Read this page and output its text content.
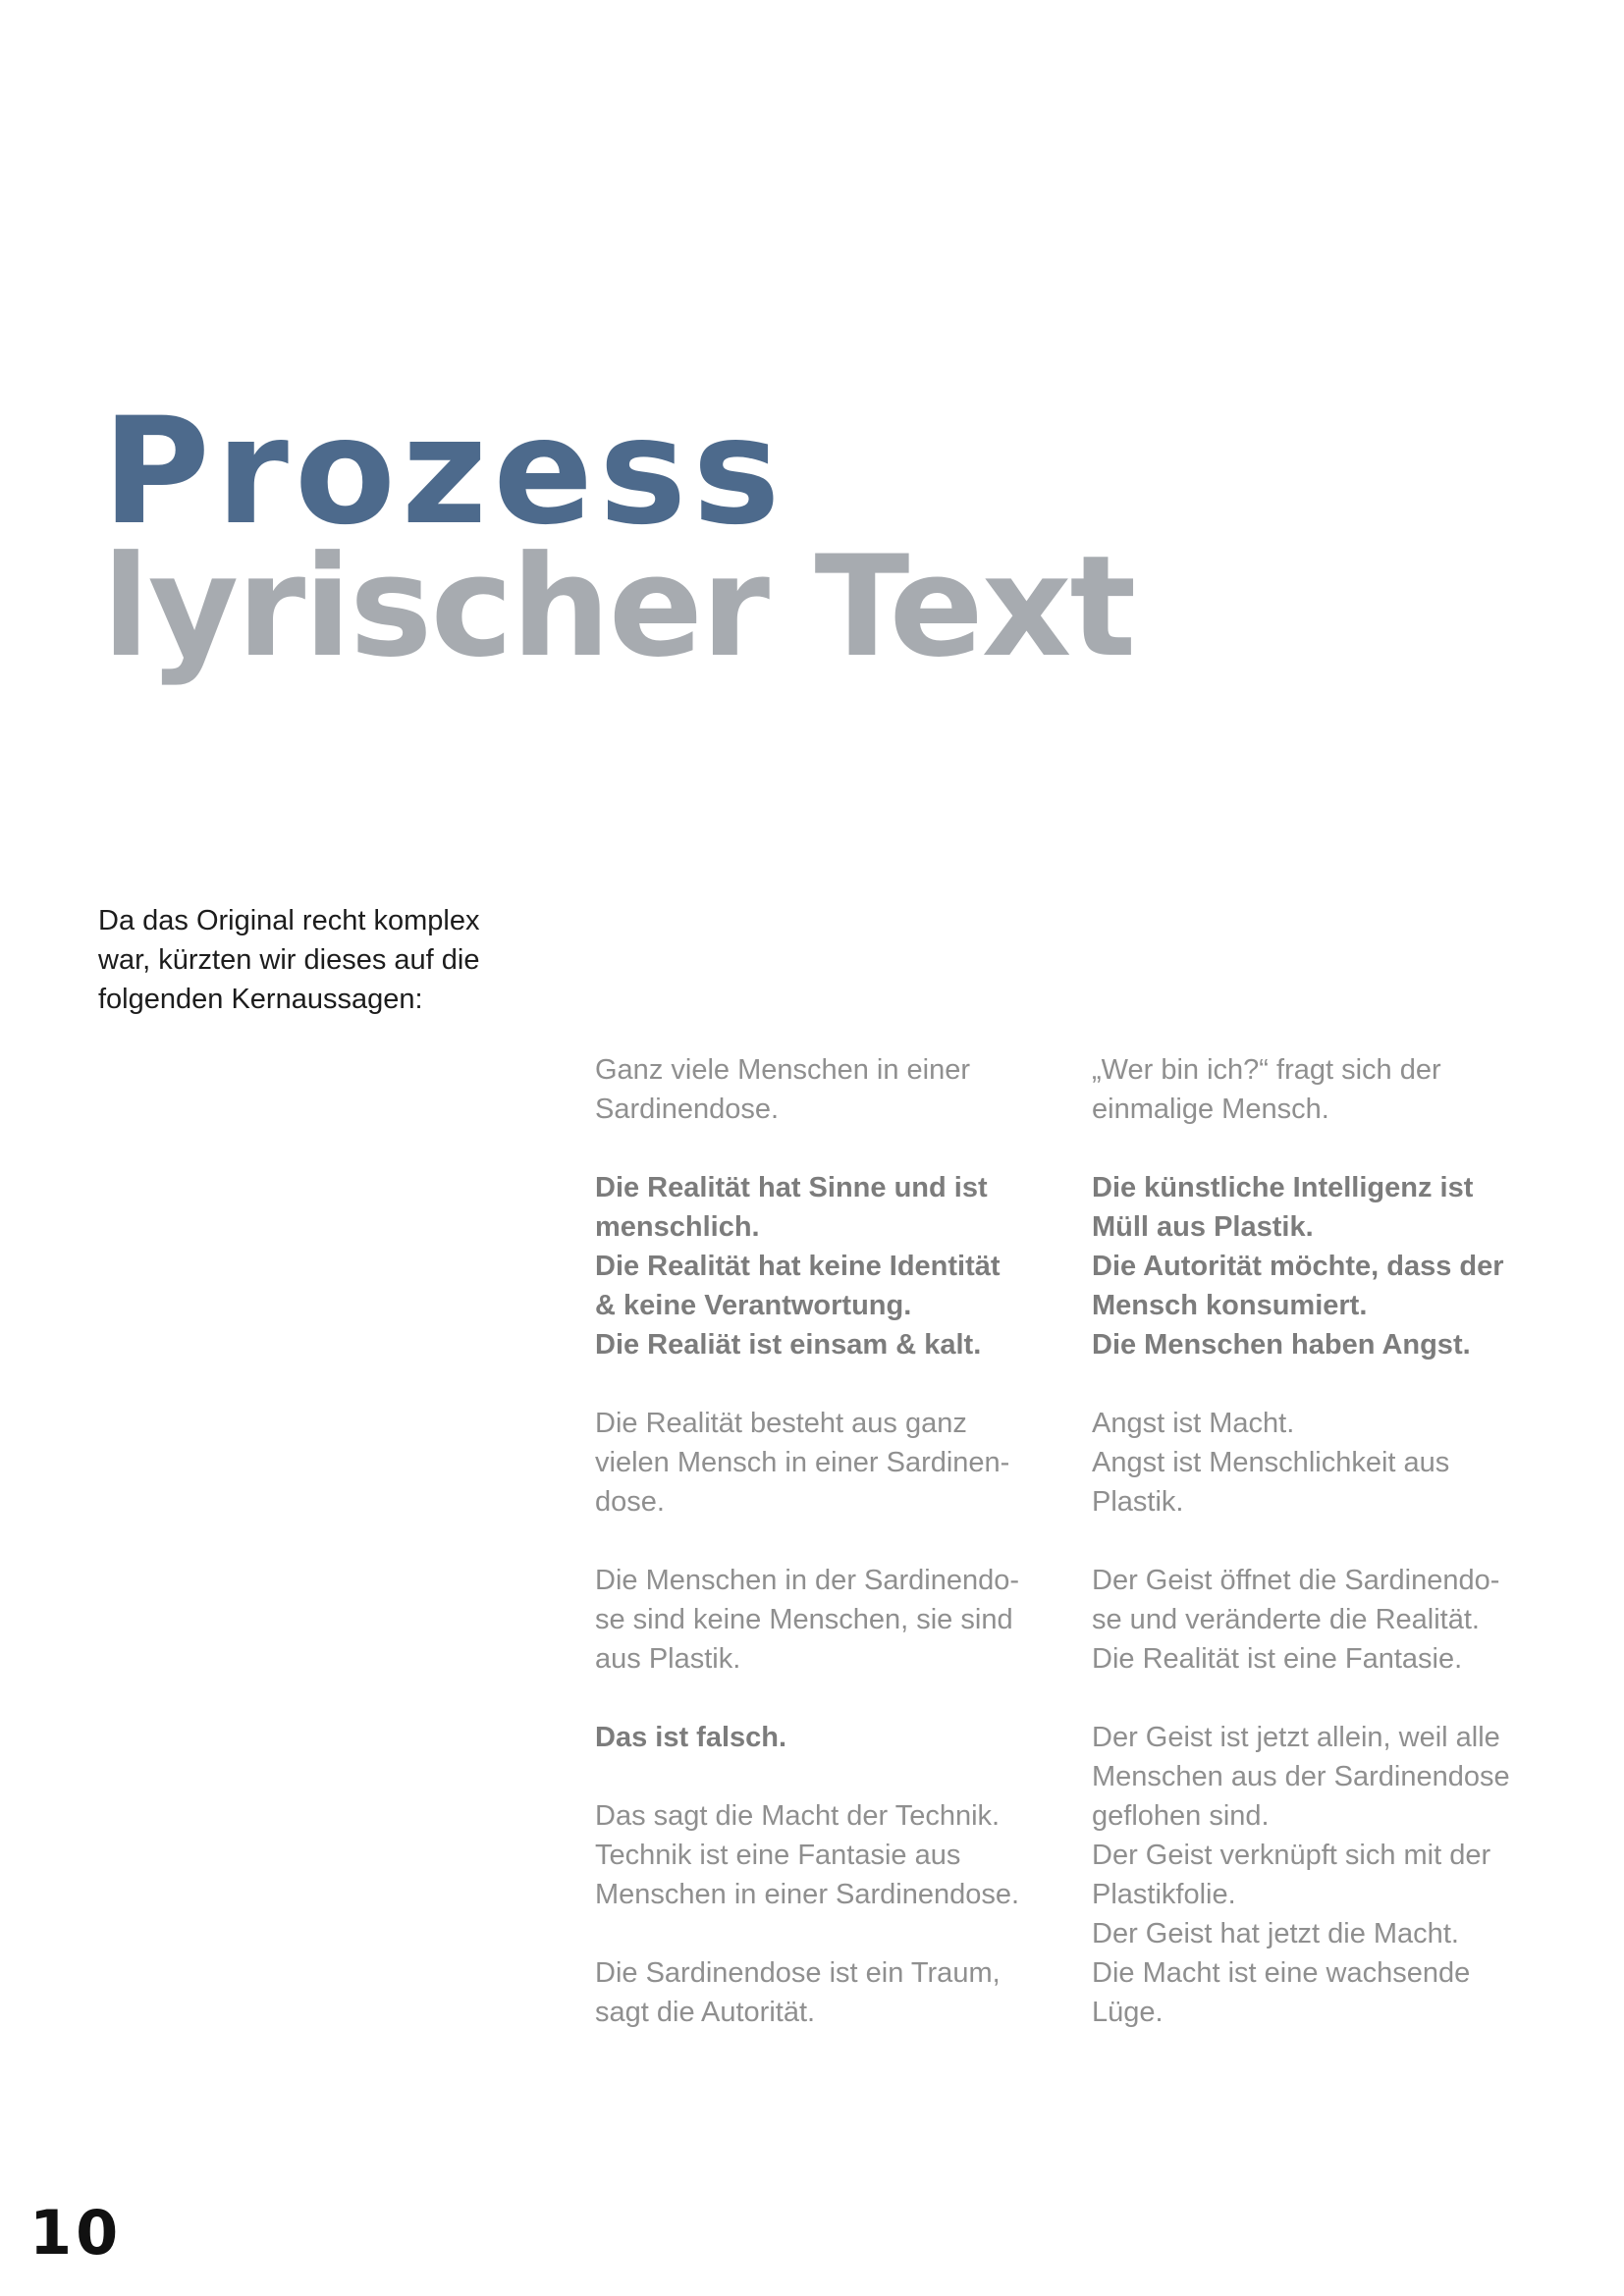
Prozess
lyrischer Text

Da das Original recht komplex
war, kürzten wir dieses auf die
folgenden Kernaussagen:

Ganz viele Menschen in einer
Sardinendose.

Die Realität hat Sinne und ist
menschlich.
Die Realität hat keine Identität
& keine Verantwortung.
Die Realiät ist einsam & kalt.

Die Realität besteht aus ganz
vielen Mensch in einer Sardinen-
dose.

Die Menschen in der Sardinendo-
se sind keine Menschen, sie sind
aus Plastik.

Das ist falsch.

Das sagt die Macht der Technik.
Technik ist eine Fantasie aus
Menschen in einer Sardinendose.

Die Sardinendose ist ein Traum,
sagt die Autorität.

„Wer bin ich?“ fragt sich der
einmalige Mensch.

Die künstliche Intelligenz ist
Müll aus Plastik.
Die Autorität möchte, dass der
Mensch konsumiert.
Die Menschen haben Angst.

Angst ist Macht.
Angst ist Menschlichkeit aus
Plastik.

Der Geist öffnet die Sardinendo-
se und veränderte die Realität.
Die Realität ist eine Fantasie.

Der Geist ist jetzt allein, weil alle
Menschen aus der Sardinendose
geflohen sind.
Der Geist verknüpft sich mit der
Plastikfolie.
Der Geist hat jetzt die Macht.
Die Macht ist eine wachsende
Lüge.

10
